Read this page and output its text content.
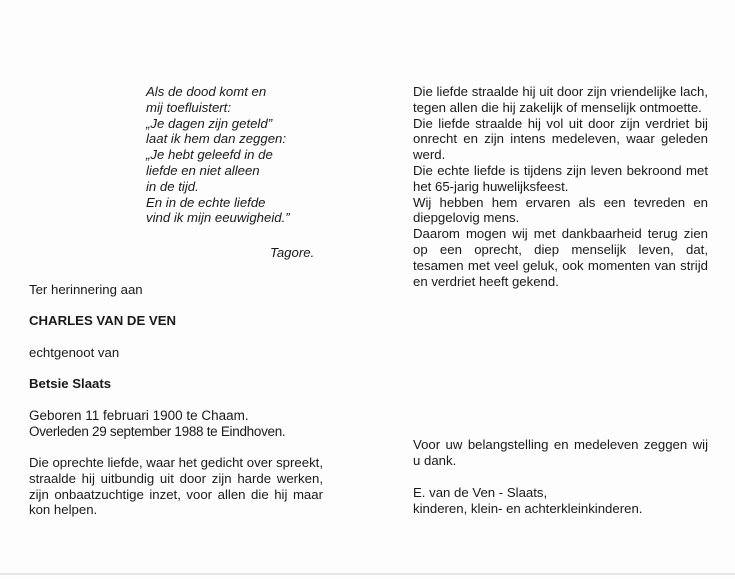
Als de dood komt en
mij toefluistert:
„Je dagen zijn geteld”
laat ik hem dan zeggen:
„Je hebt geleefd in de
liefde en niet alleen
in de tijd.
En in de echte liefde
vind ik mijn eeuwigheid.”
Tagore.
Ter herinnering aan
CHARLES VAN DE VEN
echtgenoot van
Betsie Slaats
Geboren 11 februari 1900 te Chaam.
Overleden 29 september 1988 te Eindhoven.
Die oprechte liefde, waar het gedicht over spreekt, straalde hij uitbundig uit door zijn harde werken, zijn onbaatzuchtige inzet, voor allen die hij maar kon helpen.
Die liefde straalde hij uit door zijn vriendelijke lach, tegen allen die hij zakelijk of menselijk ontmoette.
Die liefde straalde hij vol uit door zijn verdriet bij onrecht en zijn intens medeleven, waar geleden werd.
Die echte liefde is tijdens zijn leven bekroond met het 65-jarig huwelijksfeest.
Wij hebben hem ervaren als een tevreden en diepgelovig mens.
Daarom mogen wij met dankbaarheid terug zien op een oprecht, diep menselijk leven, dat, tesamen met veel geluk, ook momenten van strijd en verdriet heeft gekend.
Voor uw belangstelling en medeleven zeggen wij u dank.
E. van de Ven - Slaats,
kinderen, klein- en achterkleinkinderen.
